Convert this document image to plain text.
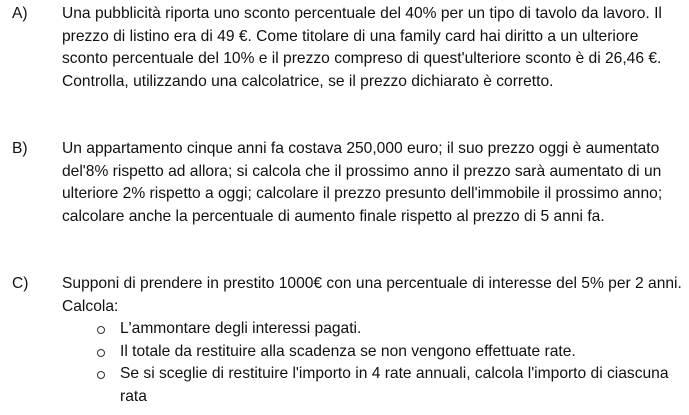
A)	Una pubblicità riporta uno sconto percentuale del 40% per un tipo di tavolo da lavoro. Il prezzo di listino era di 49 €. Come titolare di una family card hai diritto a un ulteriore sconto percentuale del 10% e il prezzo compreso di quest'ulteriore sconto è di 26,46 €. Controlla, utilizzando una calcolatrice, se il prezzo dichiarato è corretto.
B)	Un appartamento cinque anni fa costava 250,000 euro; il suo prezzo oggi è aumentato del'8% rispetto ad allora; si calcola che il prossimo anno il prezzo sarà aumentato di un ulteriore 2% rispetto a oggi; calcolare il prezzo presunto dell'immobile il prossimo anno; calcolare anche la percentuale di aumento finale rispetto al prezzo di 5 anni fa.
C)	Supponi di prendere in prestito 1000€ con una percentuale di interesse del 5% per 2 anni. Calcola:
L'ammontare degli interessi pagati.
Il totale da restituire alla scadenza se non vengono effettuate rate.
Se si sceglie di restituire l'importo in 4 rate annuali, calcola l'importo di ciascuna rata
